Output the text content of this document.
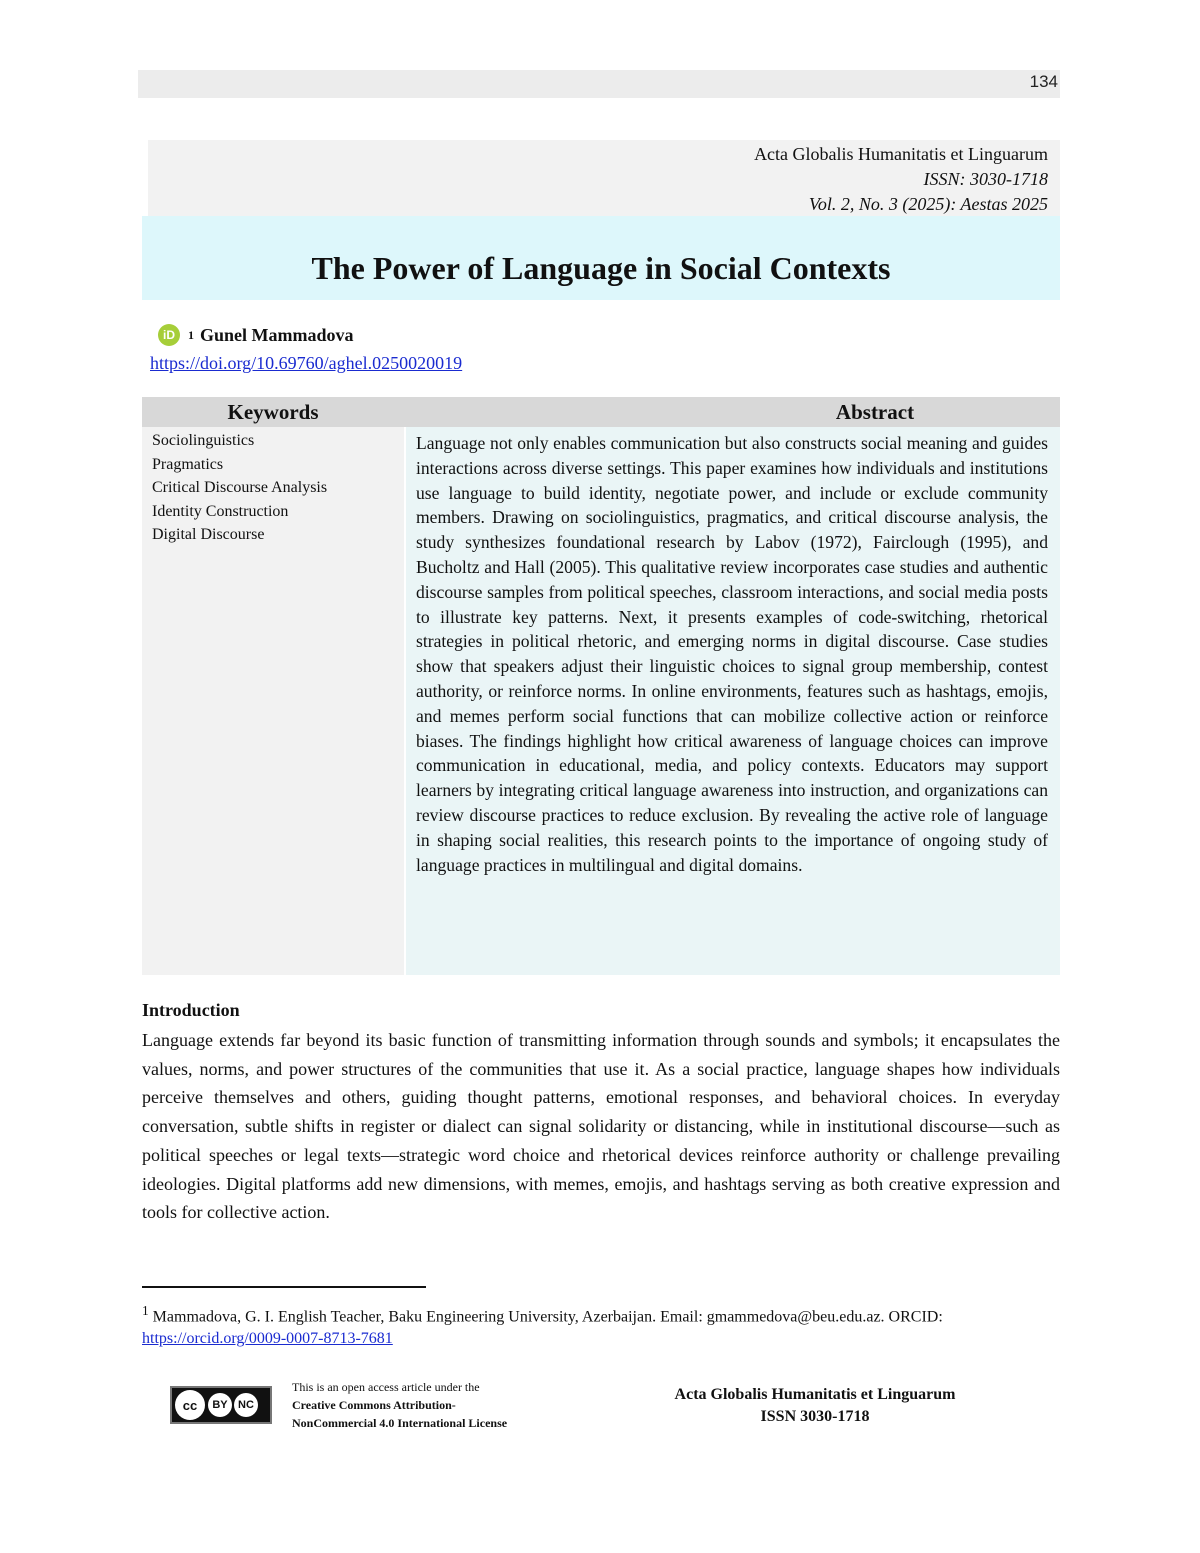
134
Acta Globalis Humanitatis et Linguarum
ISSN: 3030-1718
Vol. 2, No. 3 (2025): Aestas 2025
The Power of Language in Social Contexts
iD	1 Gunel Mammadova
https://doi.org/10.69760/aghel.0250020019
Keywords	Abstract
Sociolinguistics
Pragmatics
Critical Discourse Analysis
Identity Construction
Digital Discourse

Language not only enables communication but also constructs social meaning and guides interactions across diverse settings. This paper examines how individuals and institutions use language to build identity, negotiate power, and include or exclude community members. Drawing on sociolinguistics, pragmatics, and critical discourse analysis, the study synthesizes foundational research by Labov (1972), Fairclough (1995), and Bucholtz and Hall (2005). This qualitative review incorporates case studies and authentic discourse samples from political speeches, classroom interactions, and social media posts to illustrate key patterns. Next, it presents examples of code-switching, rhetorical strategies in political rhetoric, and emerging norms in digital discourse. Case studies show that speakers adjust their linguistic choices to signal group membership, contest authority, or reinforce norms. In online environments, features such as hashtags, emojis, and memes perform social functions that can mobilize collective action or reinforce biases. The findings highlight how critical awareness of language choices can improve communication in educational, media, and policy contexts. Educators may support learners by integrating critical language awareness into instruction, and organizations can review discourse practices to reduce exclusion. By revealing the active role of language in shaping social realities, this research points to the importance of ongoing study of language practices in multilingual and digital domains.

Introduction

Language extends far beyond its basic function of transmitting information through sounds and symbols; it encapsulates the values, norms, and power structures of the communities that use it. As a social practice, language shapes how individuals perceive themselves and others, guiding thought patterns, emotional responses, and behavioral choices. In everyday conversation, subtle shifts in register or dialect can signal solidarity or distancing, while in institutional discourse—such as political speeches or legal texts—strategic word choice and rhetorical devices reinforce authority or challenge prevailing ideologies. Digital platforms add new dimensions, with memes, emojis, and hashtags serving as both creative expression and tools for collective action.

$^1$ Mammadova, G. I. English Teacher, Baku Engineering University, Azerbaijan. Email: gmammedova@beu.edu.az. ORCID:
https://orcid.org/0009-0007-8713-7681
cc	BY NC
This is an open access article under the
Creative Commons Attribution-
NonCommercial 4.0 International License
Acta Globalis Humanitatis et Linguarum
ISSN 3030-1718
